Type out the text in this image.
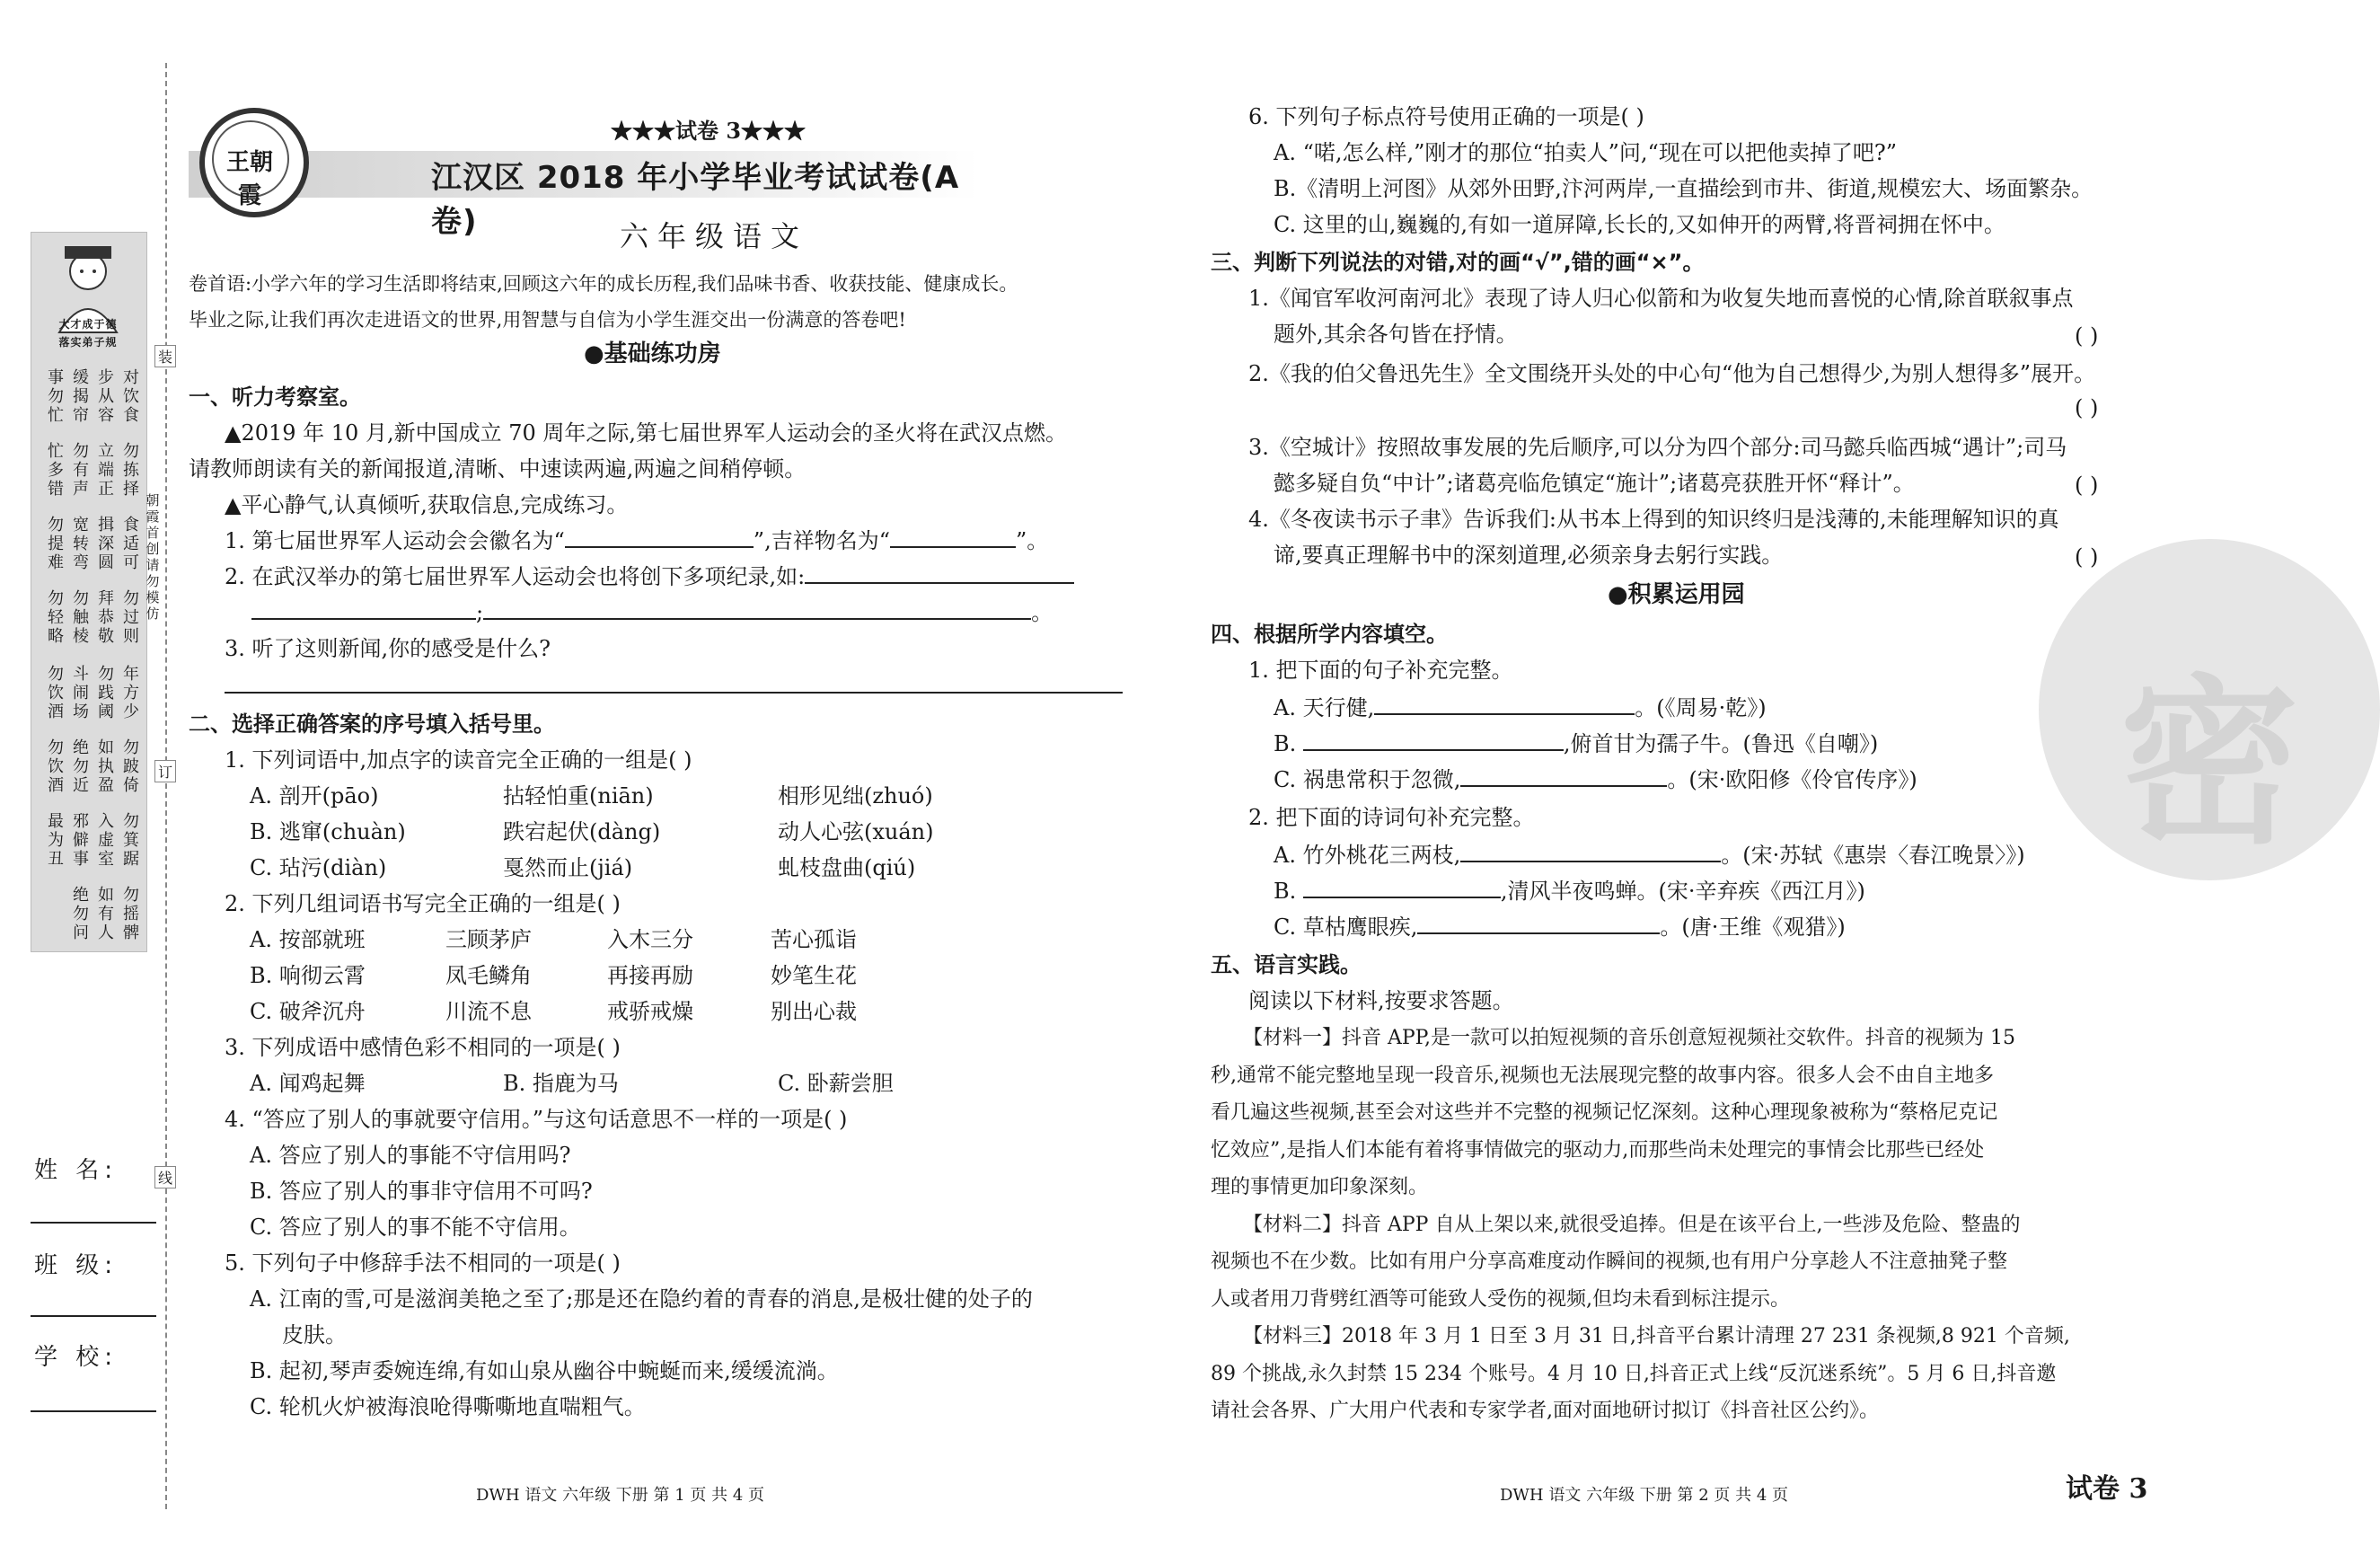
大才成于德
落实弟子规
对饮食
步从容
缓揭帘
事勿忙
勿拣择
立端正
勿有声
忙多错
食适可
揖深圆
宽转弯
勿提难
勿过则
拜恭敬
勿触棱
勿轻略
年方少
勿践阈
斗闹场
勿饮酒
勿跛倚
如执盈
绝勿近
勿饮酒
勿箕踞
入虚室
邪僻事
最为丑
勿摇髀
如有人
绝勿问
装
订
线
朝霞首创
请勿模仿
姓 名:
班 级:
学 校:
王朝霞
★★★试卷 3★★★
江汉区 2018 年小学毕业考试试卷(A 卷)	六年级语文
卷首语:小学六年的学习生活即将结束,回顾这六年的成长历程,我们品味书香、收获技能、健康成长。
毕业之际,让我们再次走进语文的世界,用智慧与自信为小学生涯交出一份满意的答卷吧!
●基础练功房
一、听力考察室。
▲2019 年 10 月,新中国成立 70 周年之际,第七届世界军人运动会的圣火将在武汉点燃。
请教师朗读有关的新闻报道,清晰、中速读两遍,两遍之间稍停顿。
▲平心静气,认真倾听,获取信息,完成练习。
1. 第七届世界军人运动会会徽名为“	”,吉祥物名为“	”。
2. 在武汉举办的第七届世界军人运动会也将创下多项纪录,如:
;	。
3. 听了这则新闻,你的感受是什么?
二、选择正确答案的序号填入括号里。
1. 下列词语中,加点字的读音完全正确的一组是( )
A. 剖开(pāo)	拈轻怕重(niān)	相形见绌(zhuó)
B. 逃窜(chuàn)	跌宕起伏(dàng)	动人心弦(xuán)
C. 玷污(diàn)	戛然而止(jiá)	虬枝盘曲(qiú)
2. 下列几组词语书写完全正确的一组是( )
A. 按部就班	三顾茅庐	入木三分	苦心孤诣
B. 响彻云霄	凤毛鳞角	再接再励	妙笔生花
C. 破斧沉舟	川流不息	戒骄戒燥	别出心裁
3. 下列成语中感情色彩不相同的一项是( )
A. 闻鸡起舞	B. 指鹿为马	C. 卧薪尝胆
4. “答应了别人的事就要守信用。”与这句话意思不一样的一项是( )
A. 答应了别人的事能不守信用吗?
B. 答应了别人的事非守信用不可吗?
C. 答应了别人的事不能不守信用。
5. 下列句子中修辞手法不相同的一项是( )
A. 江南的雪,可是滋润美艳之至了;那是还在隐约着的青春的消息,是极壮健的处子的
皮肤。
B. 起初,琴声委婉连绵,有如山泉从幽谷中蜿蜒而来,缓缓流淌。
C. 轮机火炉被海浪呛得嘶嘶地直喘粗气。
DWH 语文 六年级 下册 第 1 页 共 4 页
密
6. 下列句子标点符号使用正确的一项是( )
A. “喏,怎么样,”刚才的那位“拍卖人”问,“现在可以把他卖掉了吧?”
B.《清明上河图》从郊外田野,汴河两岸,一直描绘到市井、街道,规模宏大、场面繁杂。
C. 这里的山,巍巍的,有如一道屏障,长长的,又如伸开的两臂,将晋祠拥在怀中。
三、判断下列说法的对错,对的画“√”,错的画“×”。
1.《闻官军收河南河北》表现了诗人归心似箭和为收复失地而喜悦的心情,除首联叙事点
题外,其余各句皆在抒情。	( )
2.《我的伯父鲁迅先生》全文围绕开头处的中心句“他为自己想得少,为别人想得多”展开。
( )
3.《空城计》按照故事发展的先后顺序,可以分为四个部分:司马懿兵临西城“遇计”;司马
懿多疑自负“中计”;诸葛亮临危镇定“施计”;诸葛亮获胜开怀“释计”。	( )
4.《冬夜读书示子聿》告诉我们:从书本上得到的知识终归是浅薄的,未能理解知识的真
谛,要真正理解书中的深刻道理,必须亲身去躬行实践。	( )
●积累运用园
四、根据所学内容填空。
1. 把下面的句子补充完整。
A. 天行健,	。(《周易·乾》)
B.	,俯首甘为孺子牛。(鲁迅《自嘲》)
C. 祸患常积于忽微,	。(宋·欧阳修《伶官传序》)
2. 把下面的诗词句补充完整。
A. 竹外桃花三两枝,	。(宋·苏轼《惠崇〈春江晚景〉》)
B.	,清风半夜鸣蝉。(宋·辛弃疾《西江月》)
C. 草枯鹰眼疾,	。(唐·王维《观猎》)
五、语言实践。
阅读以下材料,按要求答题。
【材料一】抖音 APP,是一款可以拍短视频的音乐创意短视频社交软件。抖音的视频为 15
秒,通常不能完整地呈现一段音乐,视频也无法展现完整的故事内容。很多人会不由自主地多
看几遍这些视频,甚至会对这些并不完整的视频记忆深刻。这种心理现象被称为“蔡格尼克记
忆效应”,是指人们本能有着将事情做完的驱动力,而那些尚未处理完的事情会比那些已经处
理的事情更加印象深刻。
【材料二】抖音 APP 自从上架以来,就很受追捧。但是在该平台上,一些涉及危险、整蛊的
视频也不在少数。比如有用户分享高难度动作瞬间的视频,也有用户分享趁人不注意抽凳子整
人或者用刀背劈红酒等可能致人受伤的视频,但均未看到标注提示。
【材料三】2018 年 3 月 1 日至 3 月 31 日,抖音平台累计清理 27 231 条视频,8 921 个音频,
89 个挑战,永久封禁 15 234 个账号。4 月 10 日,抖音正式上线“反沉迷系统”。5 月 6 日,抖音邀
请社会各界、广大用户代表和专家学者,面对面地研讨拟订《抖音社区公约》。
DWH 语文 六年级 下册 第 2 页 共 4 页	试卷 3
